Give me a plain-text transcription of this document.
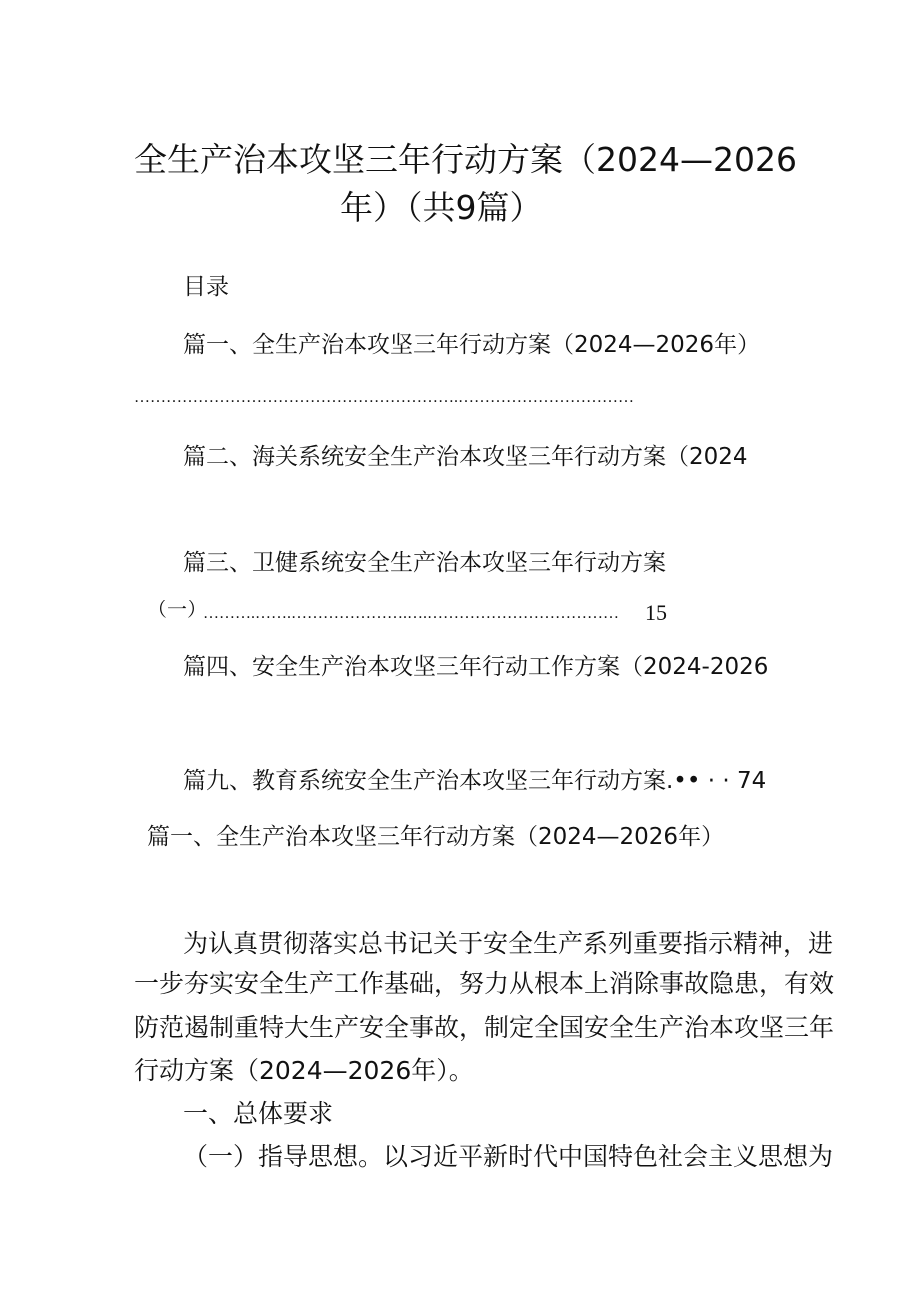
全生产治本攻坚三年行动方案（2024—2026
年）（共9篇）
目录
篇一、全生产治本攻坚三年行动方案（2024—2026年）
…………………………………………………….……………………………
篇二、海关系统安全生产治本攻坚三年行动方案（2024
篇三、卫健系统安全生产治本攻坚三年行动方案
（一）
……….…….………………….….………………………………	15
篇四、安全生产治本攻坚三年行动工作方案（2024-2026
篇九、教育系统安全生产治本攻坚三年行动方案.•• · · 74
篇一、全生产治本攻坚三年行动方案（2024—2026年）
为认真贯彻落实总书记关于安全生产系列重要指示精神，进
一步夯实安全生产工作基础，努力从根本上消除事故隐患，有效
防范遏制重特大生产安全事故，制定全国安全生产治本攻坚三年
行动方案（2024—2026年）。
一、总体要求
（一）指导思想。以习近平新时代中国特色社会主义思想为
